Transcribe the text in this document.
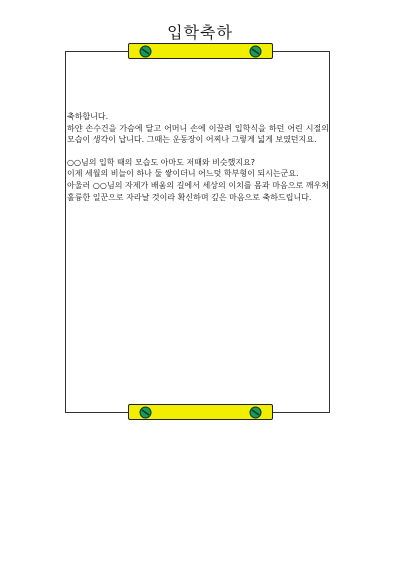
입학축하

축하합니다.

하얀 손수건을 가슴에 달고 어머니 손에 이끌려 입학식을 하던 어린 시절의 모습이 생각이 납니다. 그때는 운동장이 어찌나 그렇게 넓게 보였던지요.

○○님의 입학 때의 모습도 아마도 저때와 비슷했지요?

이제 세월의 비늘이 하나 둘 쌓이더니 어느덧 학부형이 되시는군요.

아울러 ○○님의 자제가 배움의 길에서 세상의 이치를 몸과 마음으로 깨우쳐 훌륭한 일꾼으로 자라날 것이라 확신하며 깊은 마음으로 축하드립니다.
